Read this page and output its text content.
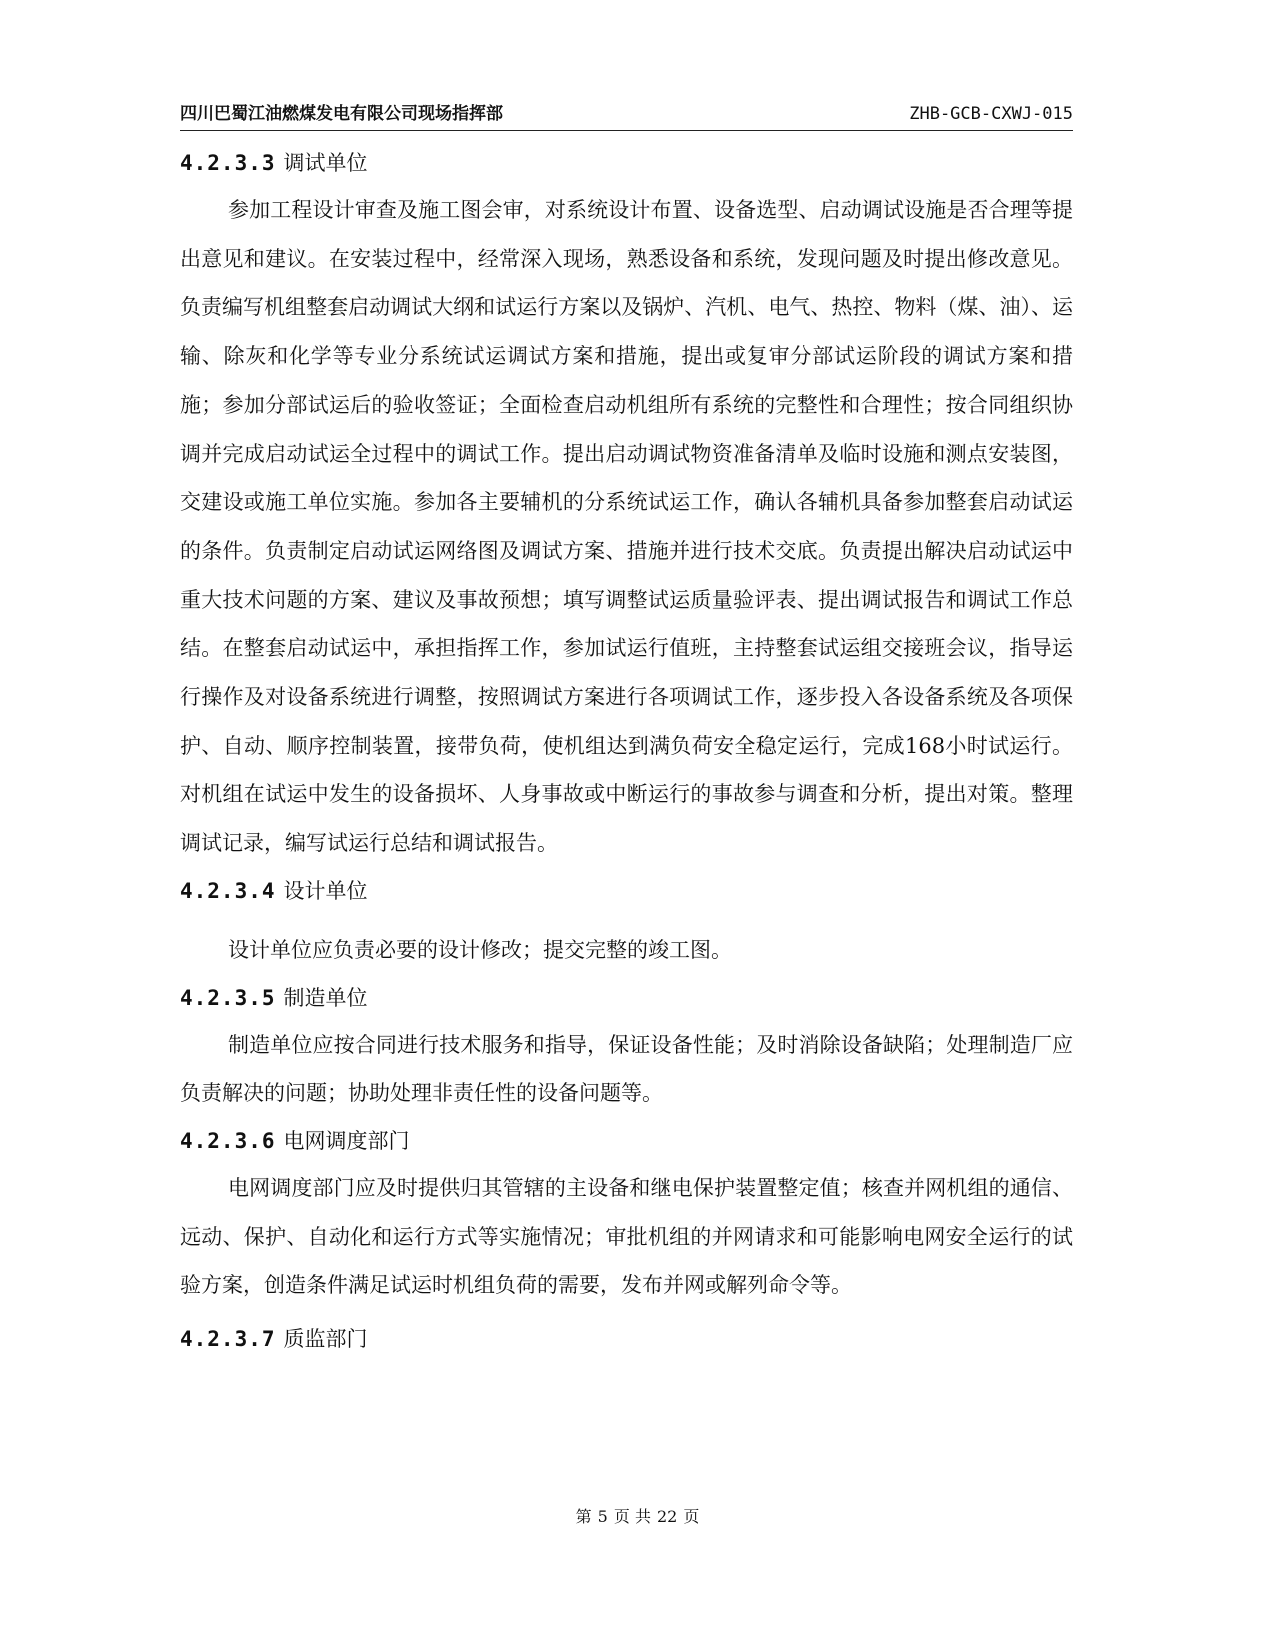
四川巴蜀江油燃煤发电有限公司现场指挥部	ZHB-GCB-CXWJ-015
4.2.3.3 调试单位

参加工程设计审查及施工图会审，对系统设计布置、设备选型、启动调试设施是否合理等提出意见和建议。在安装过程中，经常深入现场，熟悉设备和系统，发现问题及时提出修改意见。负责编写机组整套启动调试大纲和试运行方案以及锅炉、汽机、电气、热控、物料（煤、油）、运输、除灰和化学等专业分系统试运调试方案和措施，提出或复审分部试运阶段的调试方案和措施；参加分部试运后的验收签证；全面检查启动机组所有系统的完整性和合理性；按合同组织协调并完成启动试运全过程中的调试工作。提出启动调试物资准备清单及临时设施和测点安装图，交建设或施工单位实施。参加各主要辅机的分系统试运工作，确认各辅机具备参加整套启动试运的条件。负责制定启动试运网络图及调试方案、措施并进行技术交底。负责提出解决启动试运中重大技术问题的方案、建议及事故预想；填写调整试运质量验评表、提出调试报告和调试工作总结。在整套启动试运中，承担指挥工作，参加试运行值班，主持整套试运组交接班会议，指导运行操作及对设备系统进行调整，按照调试方案进行各项调试工作，逐步投入各设备系统及各项保护、自动、顺序控制装置，接带负荷，使机组达到满负荷安全稳定运行，完成168小时试运行。对机组在试运中发生的设备损坏、人身事故或中断运行的事故参与调查和分析，提出对策。整理调试记录，编写试运行总结和调试报告。

4.2.3.4 设计单位

设计单位应负责必要的设计修改；提交完整的竣工图。

4.2.3.5 制造单位

制造单位应按合同进行技术服务和指导，保证设备性能；及时消除设备缺陷；处理制造厂应负责解决的问题；协助处理非责任性的设备问题等。

4.2.3.6 电网调度部门

电网调度部门应及时提供归其管辖的主设备和继电保护装置整定值；核查并网机组的通信、远动、保护、自动化和运行方式等实施情况；审批机组的并网请求和可能影响电网安全运行的试验方案，创造条件满足试运时机组负荷的需要，发布并网或解列命令等。

4.2.3.7 质监部门
第 5 页 共 22 页
